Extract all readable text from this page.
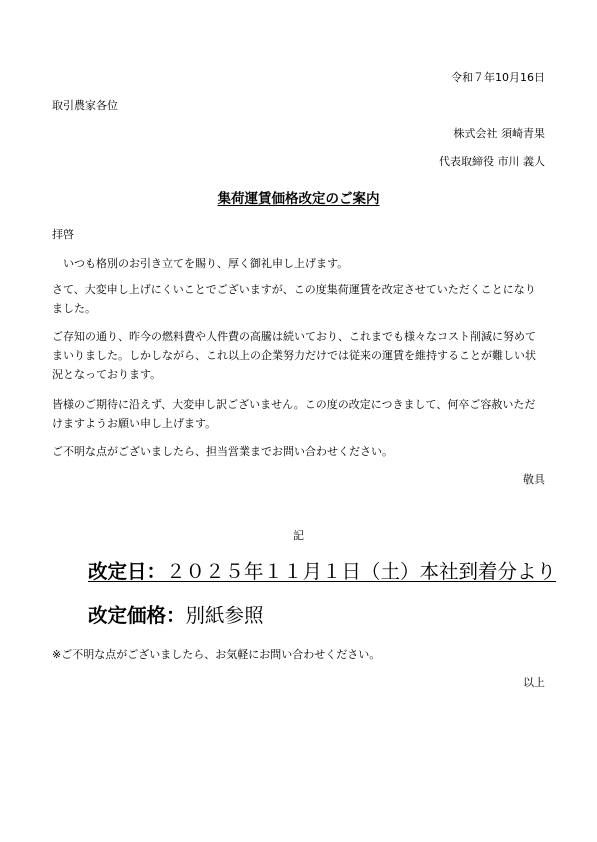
令和７年10月16日
取引農家各位
株式会社 須崎青果
代表取締役 市川 義人
集荷運賃価格改定のご案内
拝啓
　いつも格別のお引き立てを賜り、厚く御礼申し上げます。
さて、大変申し上げにくいことでございますが、この度集荷運賃を改定させていただくことになりました。
ご存知の通り、昨今の燃料費や人件費の高騰は続いており、これまでも様々なコスト削減に努めてまいりました。しかしながら、これ以上の企業努力だけでは従来の運賃を維持することが難しい状況となっております。
皆様のご期待に沿えず、大変申し訳ございません。この度の改定につきまして、何卒ご容赦いただけますようお願い申し上げます。
ご不明な点がございましたら、担当営業までお問い合わせください。
敬具
記
改定日：２０２５年１１月１日（土）本社到着分より
改定価格：別紙参照
※ご不明な点がございましたら、お気軽にお問い合わせください。
以上
